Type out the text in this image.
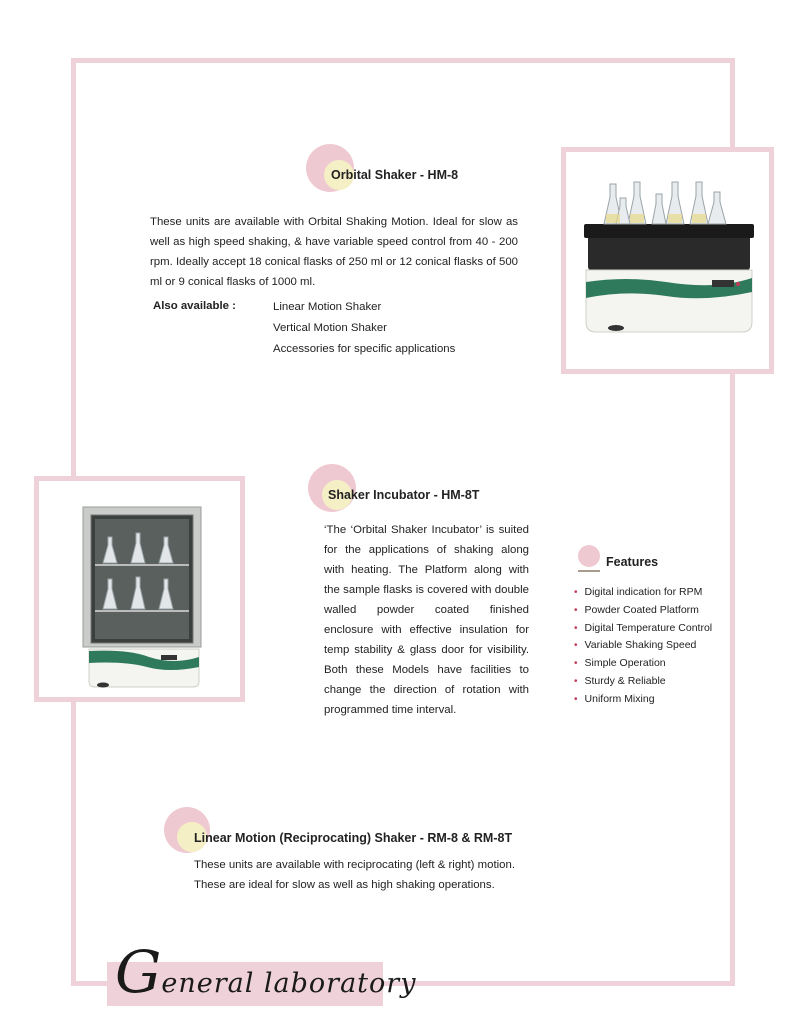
Orbital Shaker - HM-8

These units are available with Orbital Shaking Motion. Ideal for slow as well as high speed shaking, & have variable speed control from 40 - 200 rpm. Ideally accept 18 conical flasks of 250 ml or 12 conical flasks of 500 ml or 9 conical flasks of 1000 ml.

Also available :	Linear Motion Shaker
Vertical Motion Shaker
Accessories for specific applications
Shaker Incubator - HM-8T
‘The ‘Orbital Shaker Incubator’ is suited for the applications of shaking along with heating. The Platform along with the sample flasks is covered with double walled powder coated finished enclosure with effective insulation for temp stability & glass door for visibility. Both these Models have facilities to change the direction of rotation with programmed time interval.
Features
• Digital indication for RPM
• Powder Coated Platform
• Digital Temperature Control
• Variable Shaking Speed
• Simple Operation
• Sturdy & Reliable
• Uniform Mixing
Linear Motion (Reciprocating) Shaker - RM-8 & RM-8T
These units are available with reciprocating (left & right) motion.
These are ideal for slow as well as high shaking operations.
General laboratory
